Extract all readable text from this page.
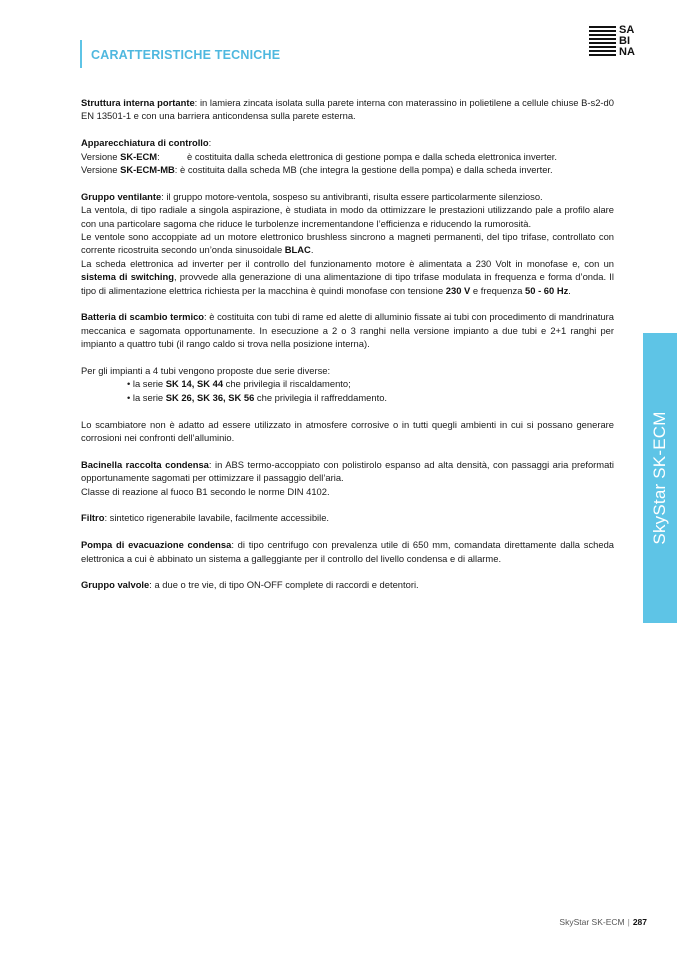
CARATTERISTICHE TECNICHE
SA
BI
NA

Struttura interna portante: in lamiera zincata isolata sulla parete interna con materassino in polietilene a cellule chiuse B-s2-d0 EN 13501-1 e con una barriera anticondensa sulla parete esterna.

Apparecchiatura di controllo:
Versione SK-ECM:	è costituita dalla scheda elettronica di gestione pompa e dalla scheda elettronica inverter.
Versione SK-ECM-MB: è costituita dalla scheda MB (che integra la gestione della pompa) e dalla scheda inverter.

Gruppo ventilante: il gruppo motore-ventola, sospeso su antivibranti, risulta essere particolarmente silenzioso.
La ventola, di tipo radiale a singola aspirazione, è studiata in modo da ottimizzare le prestazioni utilizzando pale a profilo alare con una particolare sagoma che riduce le turbolenze incrementandone l’efficienza e riducendo la rumorosità.
Le ventole sono accoppiate ad un motore elettronico brushless sincrono a magneti permanenti, del tipo trifase, controllato con corrente ricostruita secondo un’onda sinusoidale BLAC.
La scheda elettronica ad inverter per il controllo del funzionamento motore è alimentata a 230 Volt in monofase e, con un sistema di switching, provvede alla generazione di una alimentazione di tipo trifase modulata in frequenza e forma d’onda. Il tipo di alimentazione elettrica richiesta per la macchina è quindi monofase con tensione 230 V e frequenza 50 - 60 Hz.

Batteria di scambio termico: è costituita con tubi di rame ed alette di alluminio fissate ai tubi con procedimento di mandrinatura meccanica e sagomata opportunamente. In esecuzione a 2 o 3 ranghi nella versione impianto a due tubi e 2+1 ranghi per impianto a quattro tubi (il rango caldo si trova nella posizione interna).

Per gli impianti a 4 tubi vengono proposte due serie diverse:

• la serie SK 14, SK 44 che privilegia il riscaldamento;
• la serie SK 26, SK 36, SK 56 che privilegia il raffreddamento.

Lo scambiatore non è adatto ad essere utilizzato in atmosfere corrosive o in tutti quegli ambienti in cui si possano generare corrosioni nei confronti dell’alluminio.

Bacinella raccolta condensa: in ABS termo-accoppiato con polistirolo espanso ad alta densità, con passaggi aria preformati opportunamente sagomati per ottimizzare il passaggio dell’aria.
Classe di reazione al fuoco B1 secondo le norme DIN 4102.

Filtro: sintetico rigenerabile lavabile, facilmente accessibile.

Pompa di evacuazione condensa: di tipo centrifugo con prevalenza utile di 650 mm, comandata direttamente dalla scheda elettronica a cui è abbinato un sistema a galleggiante per il controllo del livello condensa e di allarme.

Gruppo valvole: a due o tre vie, di tipo ON-OFF complete di raccordi e detentori.

SkyStar SK-ECM
SkyStar SK-ECM | 287
